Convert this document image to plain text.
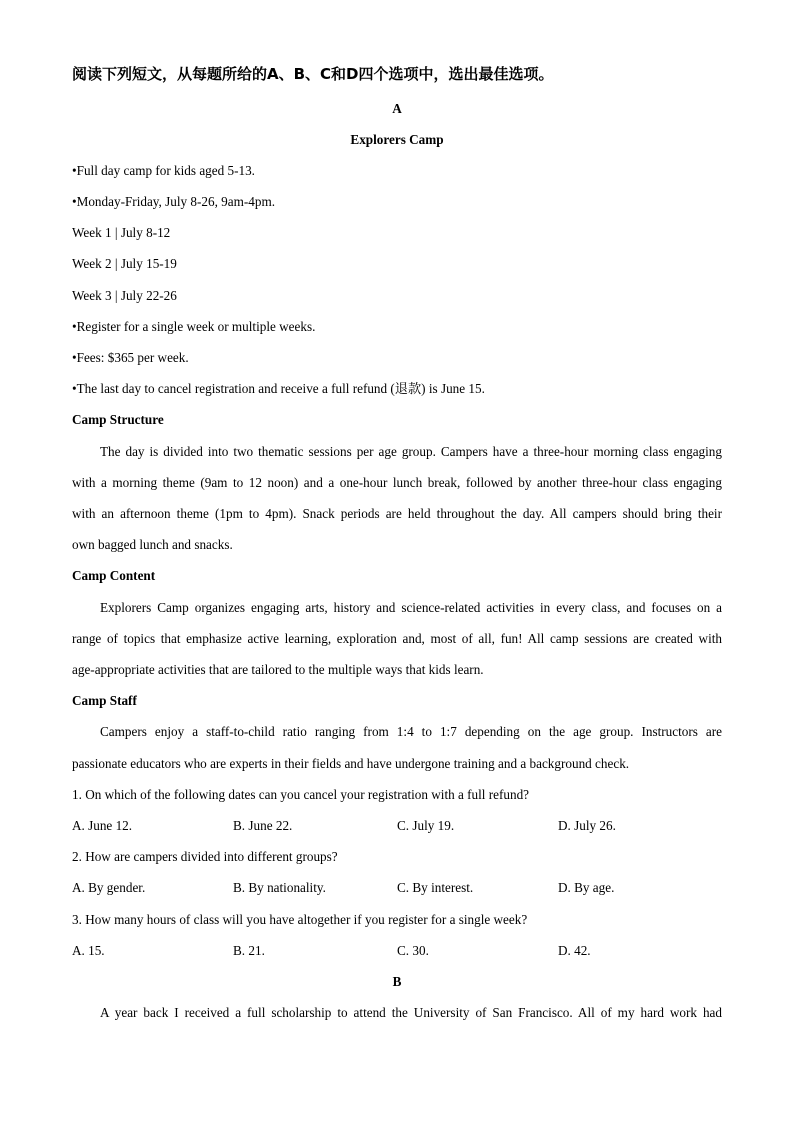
阅读下列短文，从每题所给的A、B、C和D四个选项中，选出最佳选项。
A
Explorers Camp
•Full day camp for kids aged 5-13.
•Monday-Friday, July 8-26, 9am-4pm.
Week 1 | July 8-12
Week 2 | July 15-19
Week 3 | July 22-26
•Register for a single week or multiple weeks.
•Fees: $365 per week.
•The last day to cancel registration and receive a full refund (退款) is June 15.
Camp Structure
The day is divided into two thematic sessions per age group. Campers have a three-hour morning class engaging
with a morning theme (9am to 12 noon) and a one-hour lunch break, followed by another three-hour class engaging
with an afternoon theme (1pm to 4pm). Snack periods are held throughout the day. All campers should bring their
own bagged lunch and snacks.
Camp Content
Explorers Camp organizes engaging arts, history and science-related activities in every class, and focuses on a
range of topics that emphasize active learning, exploration and, most of all, fun! All camp sessions are created with
age-appropriate activities that are tailored to the multiple ways that kids learn.
Camp Staff
Campers enjoy a staff-to-child ratio ranging from 1:4 to 1:7 depending on the age group. Instructors are
passionate educators who are experts in their fields and have undergone training and a background check.
1. On which of the following dates can you cancel your registration with a full refund?
A. June 12.	B. June 22.	C. July 19.	D. July 26.
2. How are campers divided into different groups?
A. By gender.	B. By nationality.	C. By interest.	D. By age.
3. How many hours of class will you have altogether if you register for a single week?
A. 15.	B. 21.	C. 30.	D. 42.
B
A year back I received a full scholarship to attend the University of San Francisco. All of my hard work had
